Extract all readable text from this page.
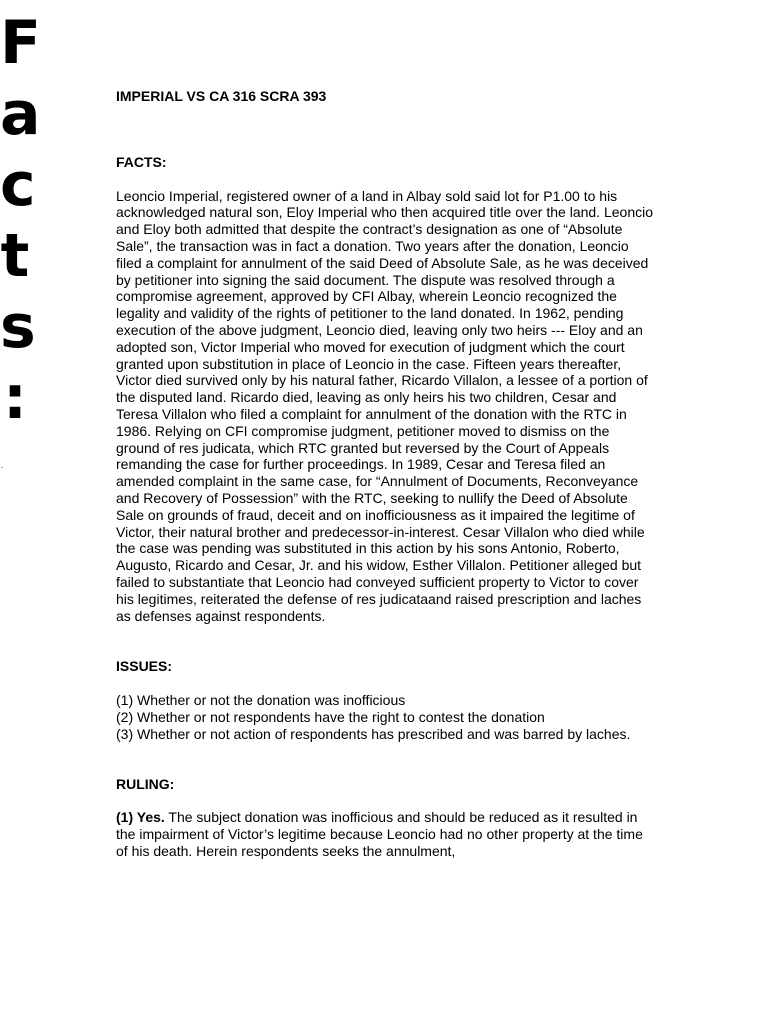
F
a
c
t
s
:
.

IMPERIAL VS CA 316 SCRA 393

FACTS:

Leoncio Imperial, registered owner of a land in Albay sold said lot for P1.00 to his acknowledged natural son, Eloy Imperial who then acquired title over the land. Leoncio and Eloy both admitted that despite the contract’s designation as one of “Absolute Sale”, the transaction was in fact a donation. Two years after the donation, Leoncio filed a complaint for annulment of the said Deed of Absolute Sale, as he was deceived by petitioner into signing the said document. The dispute was resolved through a compromise agreement, approved by CFI Albay, wherein Leoncio recognized the legality and validity of the rights of petitioner to the land donated. In 1962, pending execution of the above judgment, Leoncio died, leaving only two heirs --- Eloy and an adopted son, Victor Imperial who moved for execution of judgment which the court granted upon substitution in place of Leoncio in the case. Fifteen years thereafter, Victor died survived only by his natural father, Ricardo Villalon, a lessee of a portion of the disputed land. Ricardo died, leaving as only heirs his two children, Cesar and Teresa Villalon who filed a complaint for annulment of the donation with the RTC in 1986. Relying on CFI compromise judgment, petitioner moved to dismiss on the ground of res judicata, which RTC granted but reversed by the Court of Appeals remanding the case for further proceedings. In 1989, Cesar and Teresa filed an amended complaint in the same case, for “Annulment of Documents, Reconveyance and Recovery of Possession” with the RTC, seeking to nullify the Deed of Absolute Sale on grounds of fraud, deceit and on inofficiousness as it impaired the legitime of Victor, their natural brother and predecessor-in-interest. Cesar Villalon who died while the case was pending was substituted in this action by his sons Antonio, Roberto, Augusto, Ricardo and Cesar, Jr. and his widow, Esther Villalon. Petitioner alleged but failed to substantiate that Leoncio had conveyed sufficient property to Victor to cover his legitimes, reiterated the defense of res judicataand raised prescription and laches as defenses against respondents.

ISSUES:

(1) Whether or not the donation was inofficious
(2) Whether or not respondents have the right to contest the donation
(3) Whether or not action of respondents has prescribed and was barred by laches.

RULING:

(1) Yes. The subject donation was inofficious and should be reduced as it resulted in the impairment of Victor’s legitime because Leoncio had no other property at the time of his death. Herein respondents seeks the annulment,
